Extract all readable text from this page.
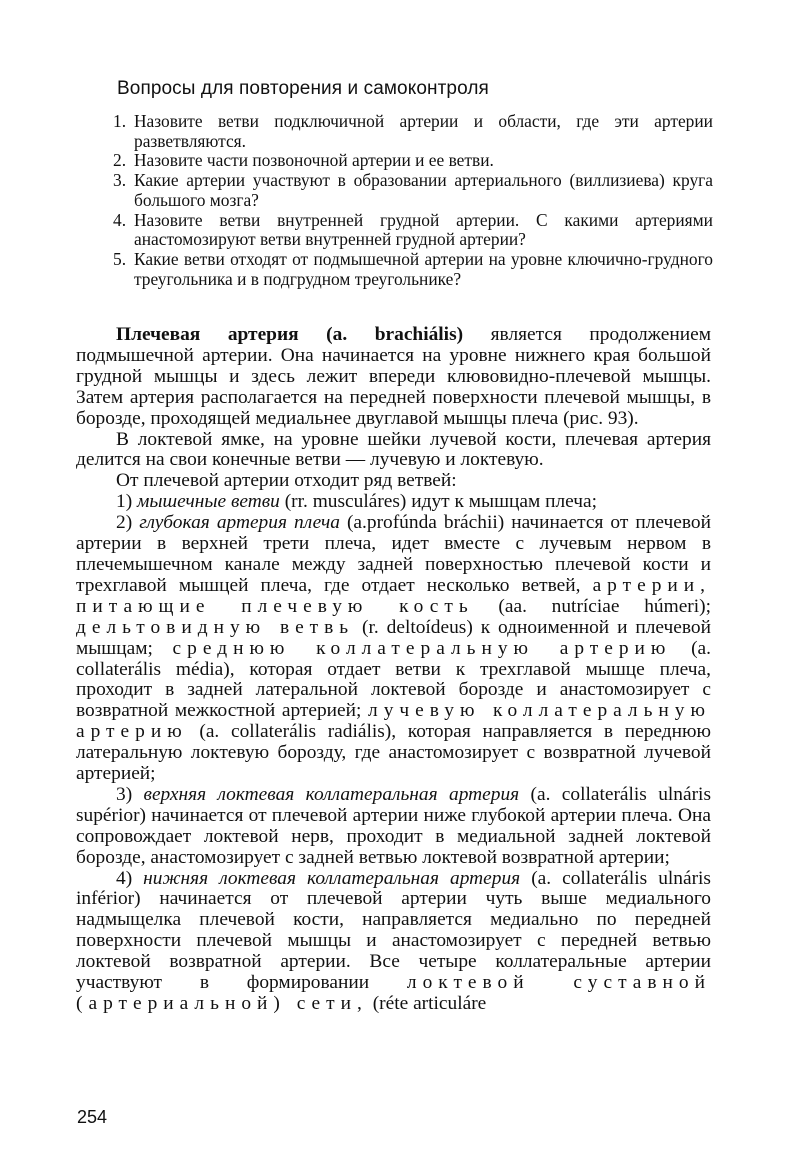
Вопросы для повторения и самоконтроля
1. Назовите ветви подключичной артерии и области, где эти артерии разветвляются.
2. Назовите части позвоночной артерии и ее ветви.
3. Какие артерии участвуют в образовании артериального (виллизиева) круга большого мозга?
4. Назовите ветви внутренней грудной артерии. С какими артериями анастомозируют ветви внутренней грудной артерии?
5. Какие ветви отходят от подмышечной артерии на уровне ключично-грудного треугольника и в подгрудном треугольнике?

Плечевая артерия (a. brachiális) является продолжением подмышечной артерии. Она начинается на уровне нижнего края большой грудной мышцы и здесь лежит впереди клювовидно-плечевой мышцы. Затем артерия располагается на передней поверхности плечевой мышцы, в борозде, проходящей медиальнее двуглавой мышцы плеча (рис. 93).

В локтевой ямке, на уровне шейки лучевой кости, плечевая артерия делится на свои конечные ветви — лучевую и локтевую.

От плечевой артерии отходит ряд ветвей:

1) мышечные ветви (rr. musculáres) идут к мышцам плеча;

2) глубокая артерия плеча (a.profúnda bráchii) начинается от плечевой артерии в верхней трети плеча, идет вместе с лучевым нервом в плечемышечном канале между задней поверхностью плечевой кости и трехглавой мышцей плеча, где отдает несколько ветвей, артерии, питающие плечевую кость (aa. nutríciae húmeri); дельтовидную ветвь (r. deltoídeus) к одноименной и плечевой мышцам; среднюю коллатеральную артерию (a. collaterális média), которая отдает ветви к трехглавой мышце плеча, проходит в задней латеральной локтевой борозде и анастомозирует с возвратной межкостной артерией; лучевую коллатеральную артерию (a. collaterális radiális), которая направляется в переднюю латеральную локтевую борозду, где анастомозирует с возвратной лучевой артерией;

3) верхняя локтевая коллатеральная артерия (a. collaterális ulnáris supérior) начинается от плечевой артерии ниже глубокой артерии плеча. Она сопровождает локтевой нерв, проходит в медиальной задней локтевой борозде, анастомозирует с задней ветвью локтевой возвратной артерии;

4) нижняя локтевая коллатеральная артерия (a. collaterális ulnáris inférior) начинается от плечевой артерии чуть выше медиального надмыщелка плечевой кости, направляется медиально по передней поверхности плечевой мышцы и анастомозирует с передней ветвью локтевой возвратной артерии. Все четыре коллатеральные артерии участвуют в формировании локтевой суставной (артериальной) сети, (réte articuláre

254
